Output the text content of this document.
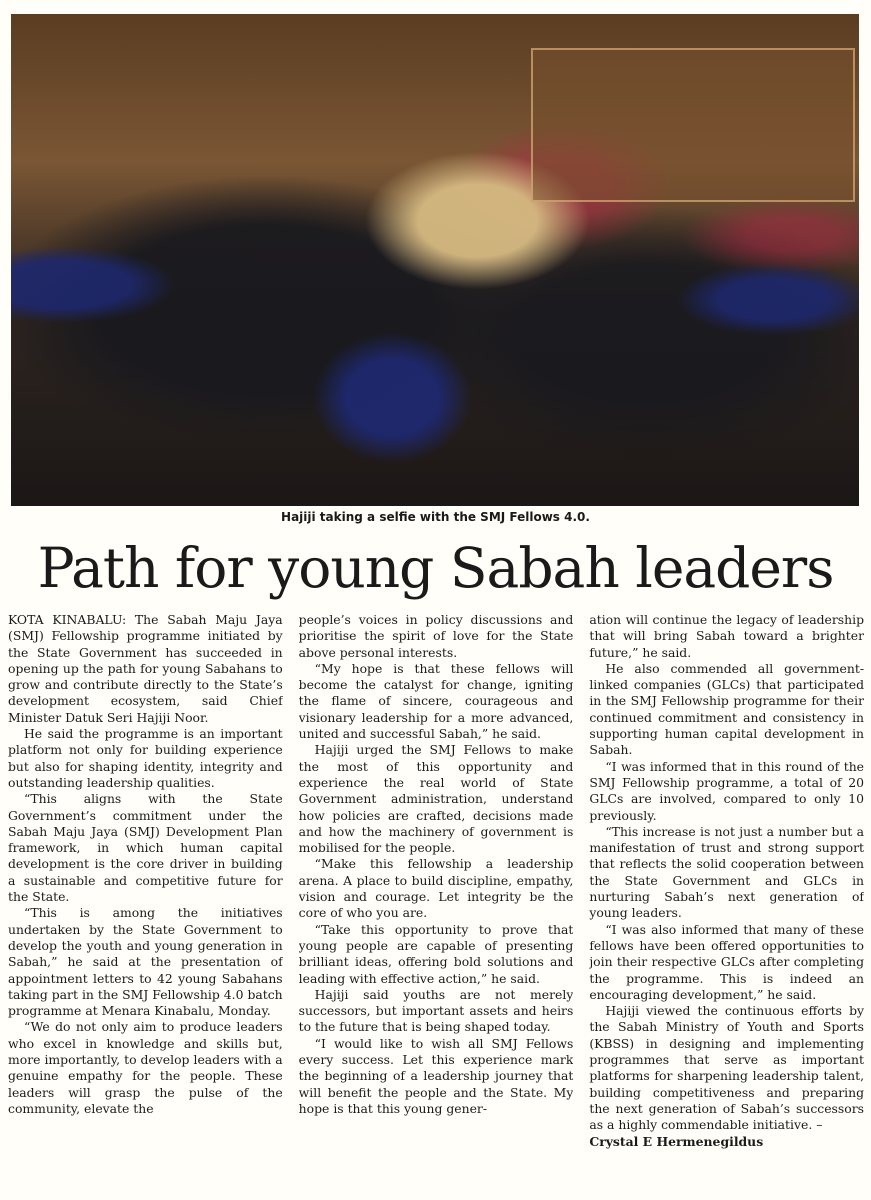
Hajiji taking a selfie with the SMJ Fellows 4.0.
Path for young Sabah leaders

KOTA KINABALU: The Sabah Maju Jaya (SMJ) Fellowship programme initiated by the State Government has succeeded in opening up the path for young Sabahans to grow and contribute directly to the State’s development ecosystem, said Chief Minister Datuk Seri Hajiji Noor.

He said the programme is an important platform not only for building experience but also for shaping identity, integrity and outstanding leadership qualities.

“This aligns with the State Government’s commitment under the Sabah Maju Jaya (SMJ) Development Plan framework, in which human capital development is the core driver in building a sustainable and competitive future for the State.

“This is among the initiatives undertaken by the State Government to develop the youth and young generation in Sabah,” he said at the presentation of appointment letters to 42 young Sabahans taking part in the SMJ Fellowship 4.0 batch programme at Menara Kinabalu, Monday.

“We do not only aim to produce leaders who excel in knowledge and skills but, more importantly, to develop leaders with a genuine empathy for the people. These leaders will grasp the pulse of the community, elevate the

people’s voices in policy discussions and prioritise the spirit of love for the State above personal interests.

“My hope is that these fellows will become the catalyst for change, igniting the flame of sincere, courageous and visionary leadership for a more advanced, united and successful Sabah,” he said.

Hajiji urged the SMJ Fellows to make the most of this opportunity and experience the real world of State Government administration, understand how policies are crafted, decisions made and how the machinery of government is mobilised for the people.

“Make this fellowship a leadership arena. A place to build discipline, empathy, vision and courage. Let integrity be the core of who you are.

“Take this opportunity to prove that young people are capable of presenting brilliant ideas, offering bold solutions and leading with effective action,” he said.

Hajiji said youths are not merely successors, but important assets and heirs to the future that is being shaped today.

“I would like to wish all SMJ Fellows every success. Let this experience mark the beginning of a leadership journey that will benefit the people and the State. My hope is that this young gener-

ation will continue the legacy of leadership that will bring Sabah toward a brighter future,” he said.

He also commended all government-linked companies (GLCs) that participated in the SMJ Fellowship programme for their continued commitment and consistency in supporting human capital development in Sabah.

“I was informed that in this round of the SMJ Fellowship programme, a total of 20 GLCs are involved, compared to only 10 previously.

“This increase is not just a number but a manifestation of trust and strong support that reflects the solid cooperation between the State Government and GLCs in nurturing Sabah’s next generation of young leaders.

“I was also informed that many of these fellows have been offered opportunities to join their respective GLCs after completing the programme. This is indeed an encouraging development,” he said.

Hajiji viewed the continuous efforts by the Sabah Ministry of Youth and Sports (KBSS) in designing and implementing programmes that serve as important platforms for sharpening leadership talent, building competitiveness and preparing the next generation of Sabah’s successors as a highly commendable initiative. –

Crystal E Hermenegildus
